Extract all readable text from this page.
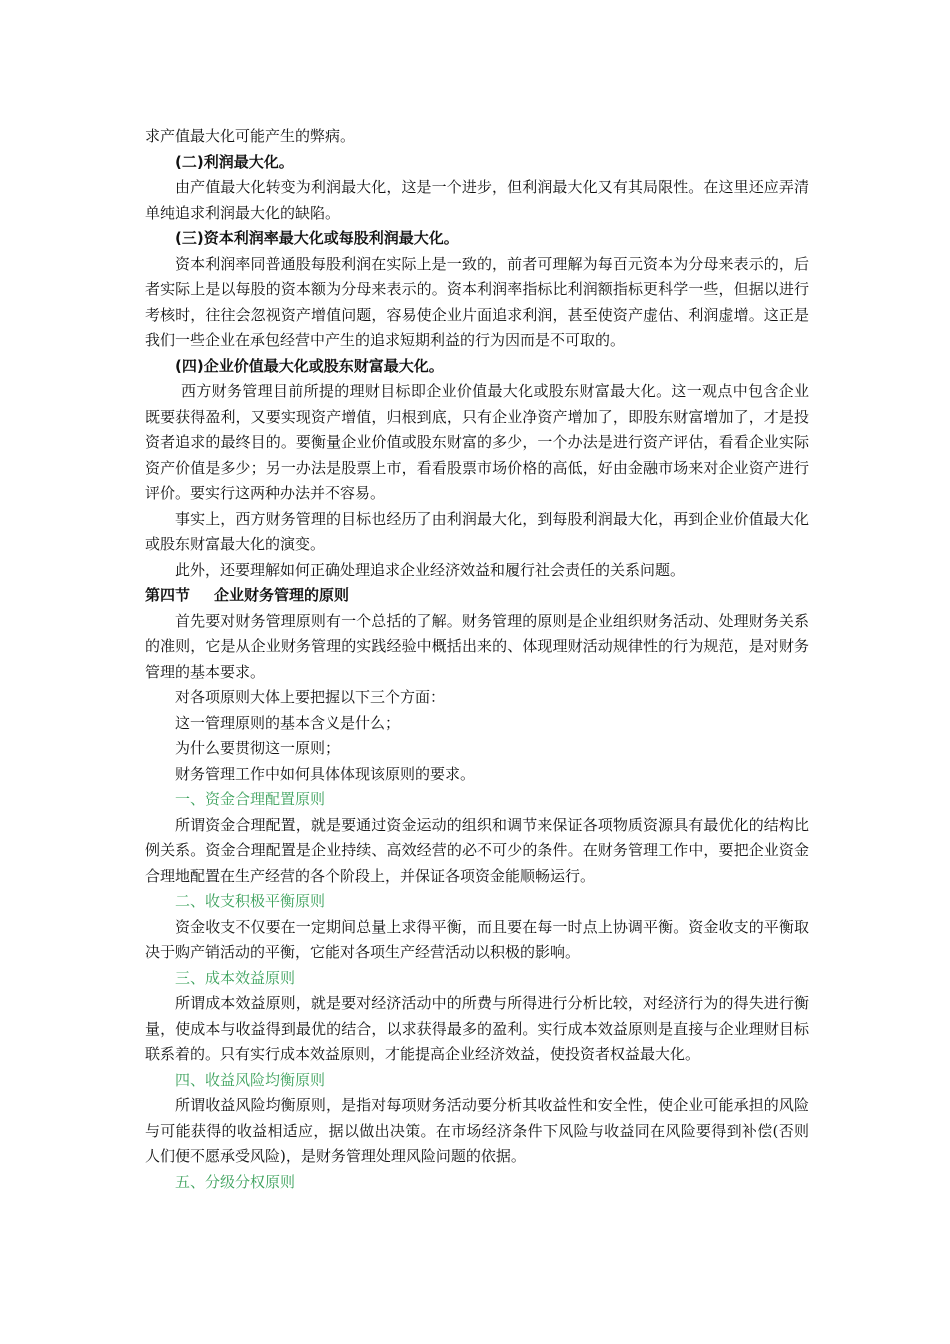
求产值最大化可能产生的弊病。

(二)利润最大化。

由产值最大化转变为利润最大化，这是一个进步，但利润最大化又有其局限性。在这里还应弄清单纯追求利润最大化的缺陷。

(三)资本利润率最大化或每股利润最大化。

资本利润率同普通股每股利润在实际上是一致的，前者可理解为每百元资本为分母来表示的，后者实际上是以每股的资本额为分母来表示的。资本利润率指标比利润额指标更科学一些，但据以进行考核时，往往会忽视资产增值问题，容易使企业片面追求利润，甚至使资产虚估、利润虚增。这正是我们一些企业在承包经营中产生的追求短期利益的行为因而是不可取的。

(四)企业价值最大化或股东财富最大化。

西方财务管理目前所提的理财目标即企业价值最大化或股东财富最大化。这一观点中包含企业既要获得盈利，又要实现资产增值，归根到底，只有企业净资产增加了，即股东财富增加了，才是投资者追求的最终目的。要衡量企业价值或股东财富的多少，一个办法是进行资产评估，看看企业实际资产价值是多少；另一办法是股票上市，看看股票市场价格的高低，好由金融市场来对企业资产进行评价。要实行这两种办法并不容易。

事实上，西方财务管理的目标也经历了由利润最大化，到每股利润最大化，再到企业价值最大化或股东财富最大化的演变。

此外，还要理解如何正确处理追求企业经济效益和履行社会责任的关系问题。

第四节 企业财务管理的原则

首先要对财务管理原则有一个总括的了解。财务管理的原则是企业组织财务活动、处理财务关系的准则，它是从企业财务管理的实践经验中概括出来的、体现理财活动规律性的行为规范，是对财务管理的基本要求。

对各项原则大体上要把握以下三个方面：

这一管理原则的基本含义是什么；

为什么要贯彻这一原则；

财务管理工作中如何具体体现该原则的要求。

一、资金合理配置原则

所谓资金合理配置，就是要通过资金运动的组织和调节来保证各项物质资源具有最优化的结构比例关系。资金合理配置是企业持续、高效经营的必不可少的条件。在财务管理工作中，要把企业资金合理地配置在生产经营的各个阶段上，并保证各项资金能顺畅运行。

二、收支积极平衡原则

资金收支不仅要在一定期间总量上求得平衡，而且要在每一时点上协调平衡。资金收支的平衡取决于购产销活动的平衡，它能对各项生产经营活动以积极的影响。

三、成本效益原则

所谓成本效益原则，就是要对经济活动中的所费与所得进行分析比较，对经济行为的得失进行衡量，使成本与收益得到最优的结合，以求获得最多的盈利。实行成本效益原则是直接与企业理财目标联系着的。只有实行成本效益原则，才能提高企业经济效益，使投资者权益最大化。

四、收益风险均衡原则

所谓收益风险均衡原则，是指对每项财务活动要分析其收益性和安全性，使企业可能承担的风险与可能获得的收益相适应，据以做出决策。在市场经济条件下风险与收益同在风险要得到补偿(否则人们便不愿承受风险)，是财务管理处理风险问题的依据。

五、分级分权原则
